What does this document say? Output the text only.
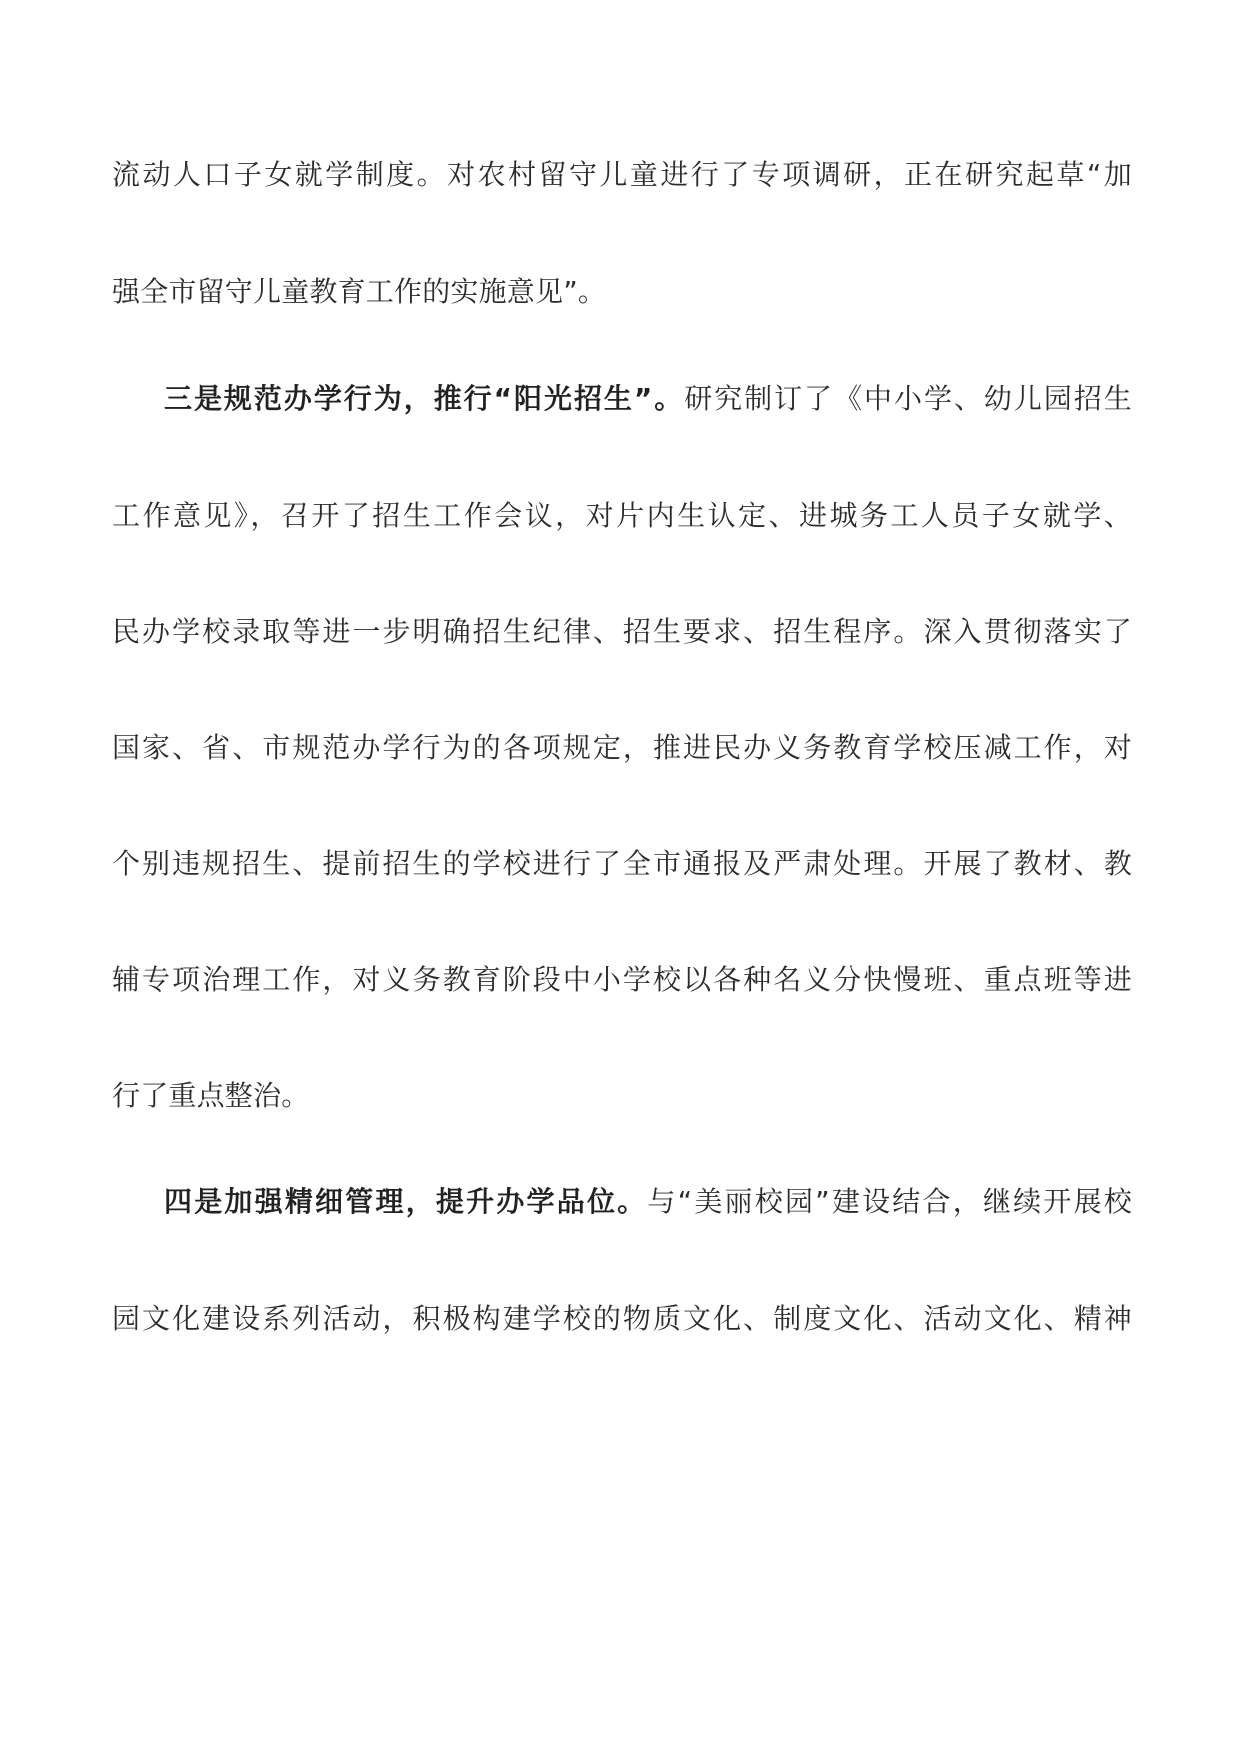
流动人口子女就学制度。对农村留守儿童进行了专项调研，正在研究起草“加
强全市留守儿童教育工作的实施意见”。
三是规范办学行为，推行“阳光招生”。研究制订了《中小学、幼儿园招生
工作意见》，召开了招生工作会议，对片内生认定、进城务工人员子女就学、
民办学校录取等进一步明确招生纪律、招生要求、招生程序。深入贯彻落实了
国家、省、市规范办学行为的各项规定，推进民办义务教育学校压减工作，对
个别违规招生、提前招生的学校进行了全市通报及严肃处理。开展了教材、教
辅专项治理工作，对义务教育阶段中小学校以各种名义分快慢班、重点班等进
行了重点整治。
四是加强精细管理，提升办学品位。与“美丽校园”建设结合，继续开展校
园文化建设系列活动，积极构建学校的物质文化、制度文化、活动文化、精神
